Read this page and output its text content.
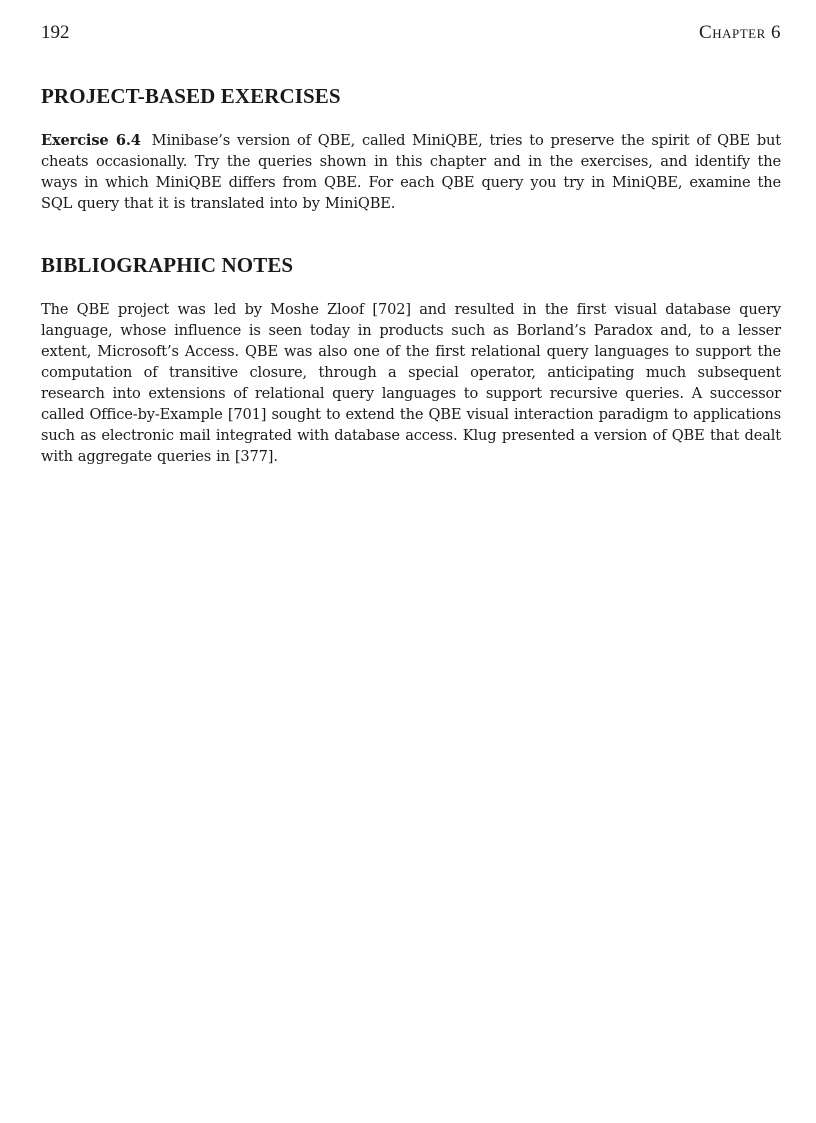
192	Chapter 6
PROJECT-BASED EXERCISES

Exercise 6.4 Minibase’s version of QBE, called MiniQBE, tries to preserve the spirit of QBE but cheats occasionally. Try the queries shown in this chapter and in the exercises, and identify the ways in which MiniQBE differs from QBE. For each QBE query you try in MiniQBE, examine the SQL query that it is translated into by MiniQBE.

BIBLIOGRAPHIC NOTES

The QBE project was led by Moshe Zloof [702] and resulted in the first visual database query language, whose influence is seen today in products such as Borland’s Paradox and, to a lesser extent, Microsoft’s Access. QBE was also one of the first relational query languages to support the computation of transitive closure, through a special operator, anticipating much subsequent research into extensions of relational query languages to support recursive queries. A successor called Office-by-Example [701] sought to extend the QBE visual interaction paradigm to applications such as electronic mail integrated with database access. Klug presented a version of QBE that dealt with aggregate queries in [377].
